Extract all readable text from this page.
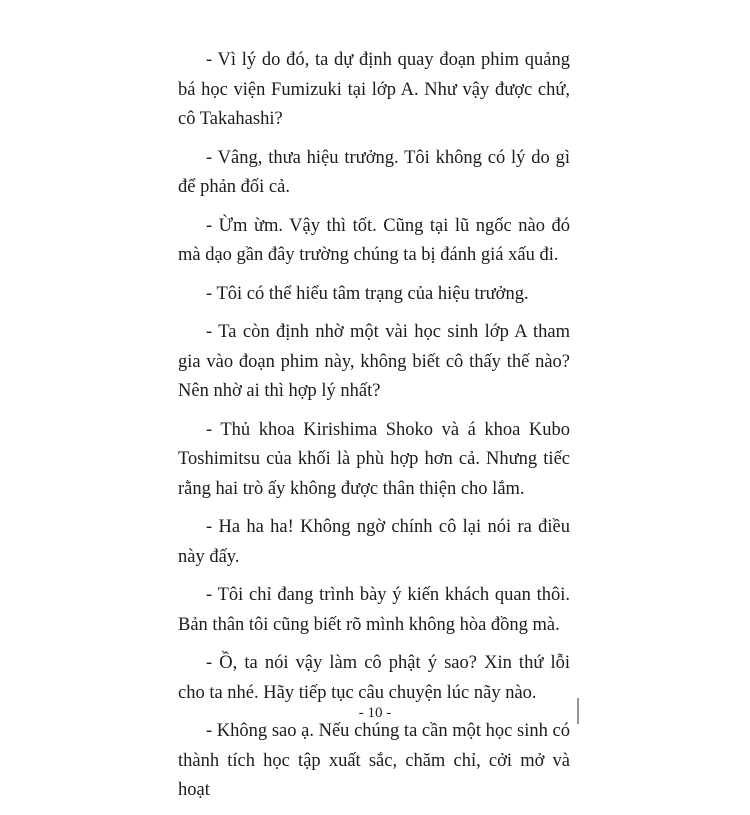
- Vì lý do đó, ta dự định quay đoạn phim quảng bá học viện Fumizuki tại lớp A. Như vậy được chứ, cô Takahashi?

- Vâng, thưa hiệu trưởng. Tôi không có lý do gì để phản đối cả.

- Ừm ừm. Vậy thì tốt. Cũng tại lũ ngốc nào đó mà dạo gần đây trường chúng ta bị đánh giá xấu đi.

- Tôi có thể hiểu tâm trạng của hiệu trưởng.

- Ta còn định nhờ một vài học sinh lớp A tham gia vào đoạn phim này, không biết cô thấy thế nào? Nên nhờ ai thì hợp lý nhất?

- Thủ khoa Kirishima Shoko và á khoa Kubo Toshimitsu của khối là phù hợp hơn cả. Nhưng tiếc rằng hai trò ấy không được thân thiện cho lắm.

- Ha ha ha! Không ngờ chính cô lại nói ra điều này đấy.

- Tôi chỉ đang trình bày ý kiến khách quan thôi. Bản thân tôi cũng biết rõ mình không hòa đồng mà.

- Ồ, ta nói vậy làm cô phật ý sao? Xin thứ lỗi cho ta nhé. Hãy tiếp tục câu chuyện lúc nãy nào.

- Không sao ạ. Nếu chúng ta cần một học sinh có thành tích học tập xuất sắc, chăm chỉ, cởi mở và hoạt

- 10 -
